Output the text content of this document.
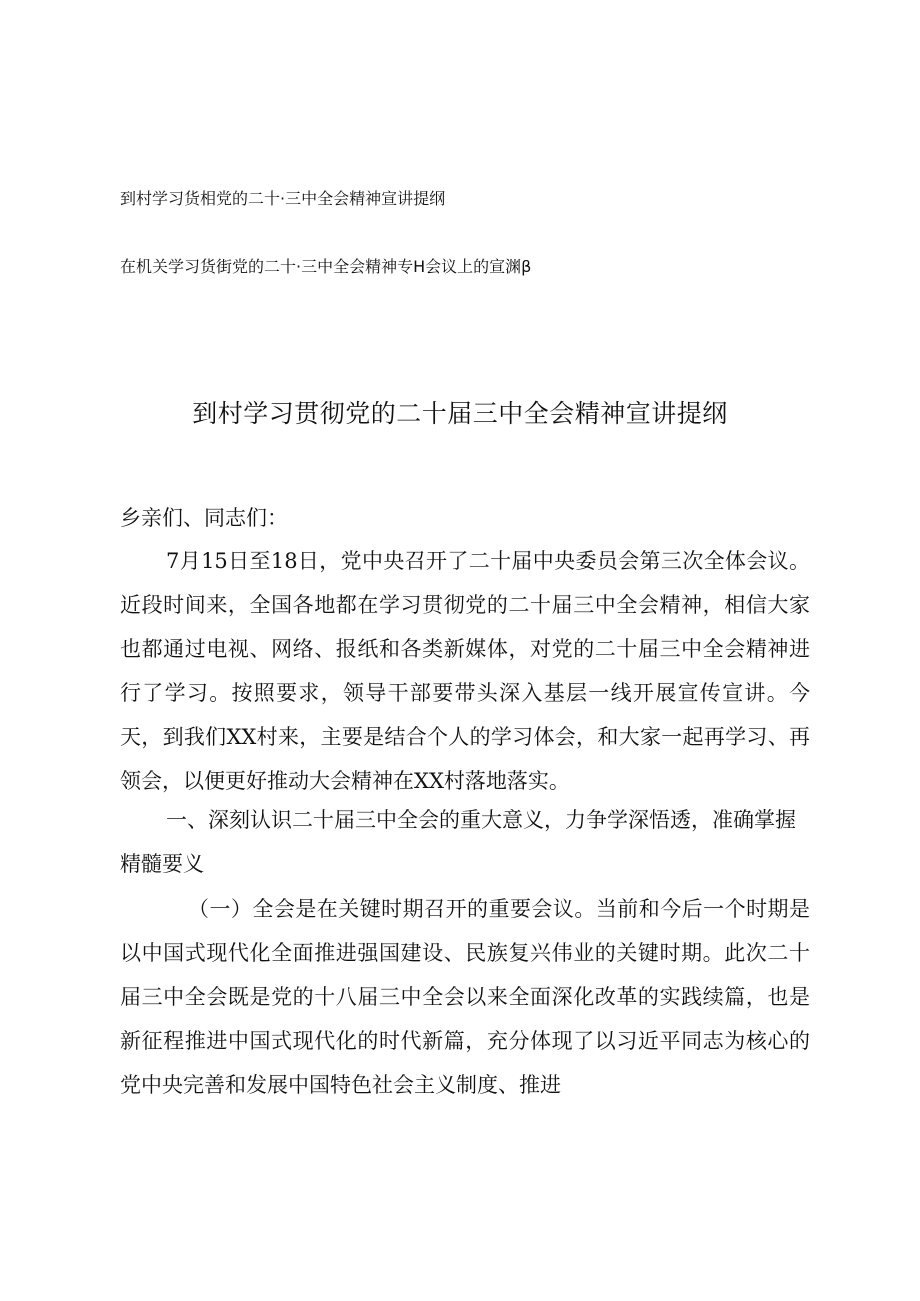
到村学习货相党的二十·三中全会精神宣讲提纲
在机关学习货街党的二十·三中全会精神专H会议上的宣渊β
到村学习贯彻党的二十届三中全会精神宣讲提纲
乡亲们、同志们：
7月15日至18日，党中央召开了二十届中央委员会第三次全体会议。近段时间来，全国各地都在学习贯彻党的二十届三中全会精神，相信大家也都通过电视、网络、报纸和各类新媒体，对党的二十届三中全会精神进行了学习。按照要求，领导干部要带头深入基层一线开展宣传宣讲。今天，到我们XX村来，主要是结合个人的学习体会，和大家一起再学习、再领会，以便更好推动大会精神在XX村落地落实。
一、深刻认识二十届三中全会的重大意义，力争学深悟透，准确掌握精髓要义
（一）全会是在关键时期召开的重要会议。当前和今后一个时期是以中国式现代化全面推进强国建设、民族复兴伟业的关键时期。此次二十届三中全会既是党的十八届三中全会以来全面深化改革的实践续篇，也是新征程推进中国式现代化的时代新篇，充分体现了以习近平同志为核心的党中央完善和发展中国特色社会主义制度、推进
